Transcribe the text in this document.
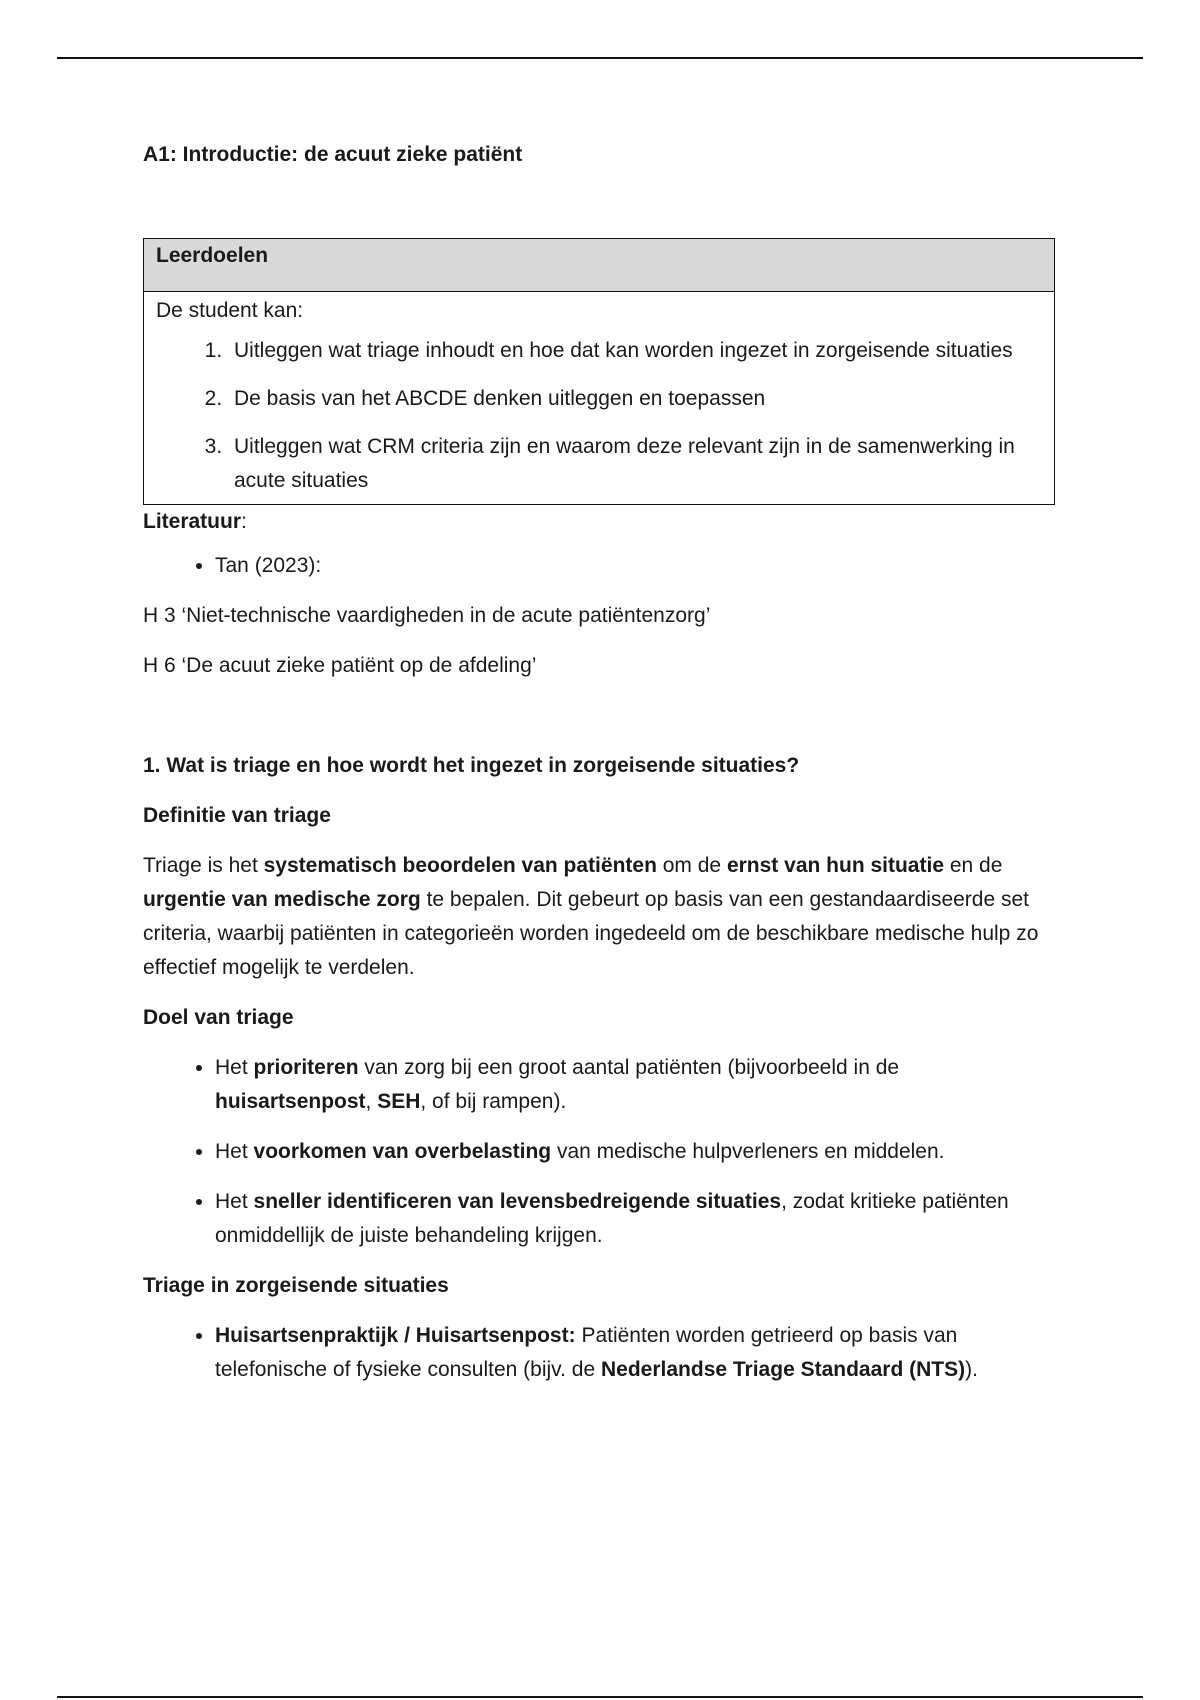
A1: Introductie: de acuut zieke patiënt

Leerdoelen

De student kan:

1. Uitleggen wat triage inhoudt en hoe dat kan worden ingezet in zorgeisende situaties
2. De basis van het ABCDE denken uitleggen en toepassen
3. Uitleggen wat CRM criteria zijn en waarom deze relevant zijn in de samenwerking in acute situaties

Literatuur:

• Tan (2023):

H 3 ‘Niet-technische vaardigheden in de acute patiëntenzorg’

H 6 ‘De acuut zieke patiënt op de afdeling’

1. Wat is triage en hoe wordt het ingezet in zorgeisende situaties?

Definitie van triage

Triage is het systematisch beoordelen van patiënten om de ernst van hun situatie en de urgentie van medische zorg te bepalen. Dit gebeurt op basis van een gestandaardiseerde set criteria, waarbij patiënten in categorieën worden ingedeeld om de beschikbare medische hulp zo effectief mogelijk te verdelen.

Doel van triage

• Het prioriteren van zorg bij een groot aantal patiënten (bijvoorbeeld in de huisartsenpost, SEH, of bij rampen).
• Het voorkomen van overbelasting van medische hulpverleners en middelen.
• Het sneller identificeren van levensbedreigende situaties, zodat kritieke patiënten onmiddellijk de juiste behandeling krijgen.

Triage in zorgeisende situaties

• Huisartsenpraktijk / Huisartsenpost: Patiënten worden getrieerd op basis van telefonische of fysieke consulten (bijv. de Nederlandse Triage Standaard (NTS)).
